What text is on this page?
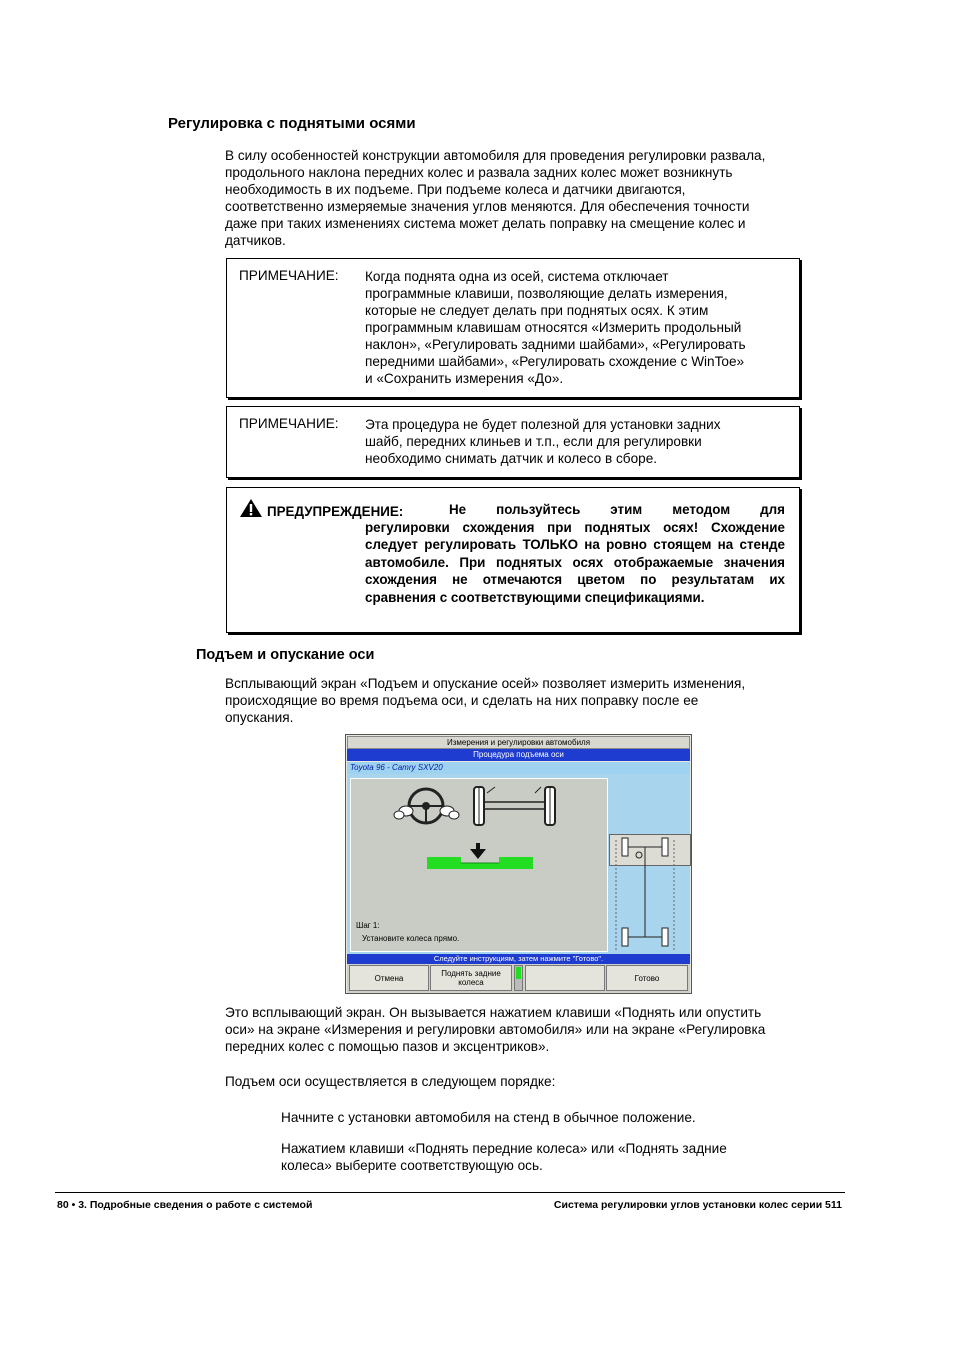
Регулировка с поднятыми осями
В силу особенностей конструкции автомобиля для проведения регулировки развала,
продольного наклона передних колес и развала задних колес может возникнуть
необходимость в их подъеме. При подъеме колеса и датчики двигаются,
соответственно измеряемые значения углов меняются. Для обеспечения точности
даже при таких изменениях система может делать поправку на смещение колес и
датчиков.
ПРИМЕЧАНИЕ: Когда поднята одна из осей, система отключает
программные клавиши, позволяющие делать измерения,
которые не следует делать при поднятых осях. К этим
программным клавишам относятся «Измерить продольный
наклон», «Регулировать задними шайбами», «Регулировать
передними шайбами», «Регулировать схождение с WinToe»
и «Сохранить измерения «До».
ПРИМЕЧАНИЕ: Эта процедура не будет полезной для установки задних
шайб, передних клиньев и т.п., если для регулировки
необходимо снимать датчик и колесо в сборе.
ПРЕДУПРЕЖДЕНИЕ:	Не пользуйтесь этим методом для
регулировки схождения при поднятых осях! Схождение следует регулировать ТОЛЬКО на ровно стоящем на стенде автомобиле. При поднятых осях отображаемые значения схождения не отмечаются цветом по результатам их сравнения с соответствующими спецификациями.
Подъем и опускание оси
Всплывающий экран «Подъем и опускание осей» позволяет измерить изменения,
происходящие во время подъема оси, и сделать на них поправку после ее
опускания.
Измерения и регулировки автомобиля
Процедура подъема оси
Toyota 96 - Camry SXV20
Шаг 1:
Установите колеса прямо.
Следуйте инструкциям, затем нажмите "Готово".
Отмена	Поднять задние
колеса	Готово
Это всплывающий экран. Он вызывается нажатием клавиши «Поднять или опустить
оси» на экране «Измерения и регулировки автомобиля» или на экране «Регулировка
передних колес с помощью пазов и эксцентриков».
Подъем оси осуществляется в следующем порядке:
Начните с установки автомобиля на стенд в обычное положение.
Нажатием клавиши «Поднять передние колеса» или «Поднять задние
колеса» выберите соответствующую ось.
80 • 3. Подробные сведения о работе с системой	Система регулировки углов установки колес серии 511
